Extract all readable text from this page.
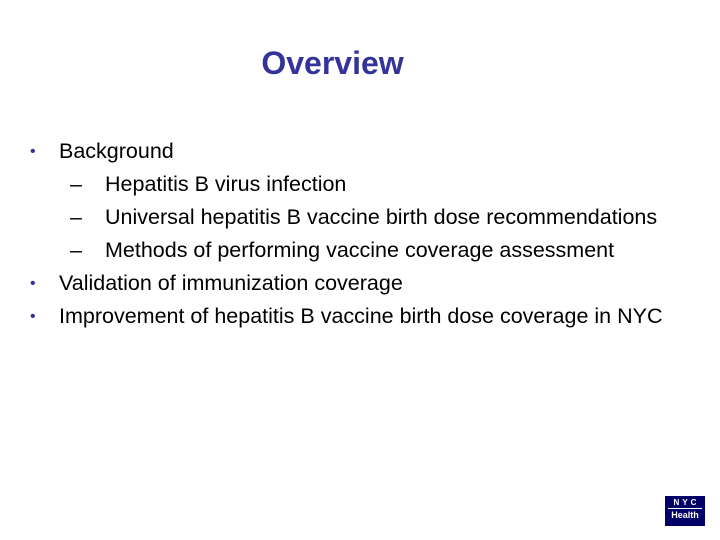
Overview
•	Background
–	Hepatitis B virus infection
–	Universal hepatitis B vaccine birth dose recommendations
–	Methods of performing vaccine coverage assessment
•	Validation of immunization coverage
•	Improvement of hepatitis B vaccine birth dose coverage in NYC
NYC
Health
